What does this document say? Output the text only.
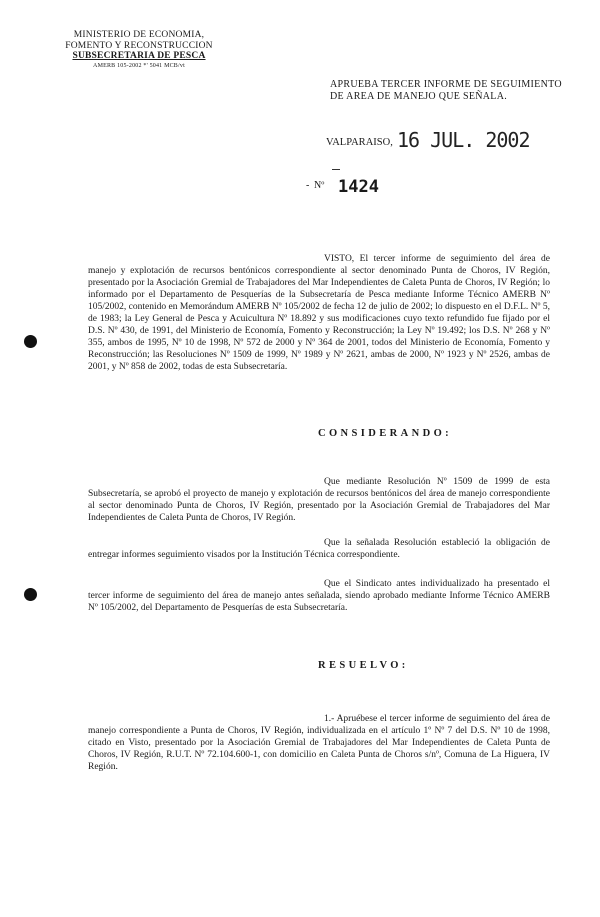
MINISTERIO DE ECONOMIA,
FOMENTO Y RECONSTRUCCION
SUBSECRETARIA DE PESCA
AMERB 105-2002 *' 5041 MCB/vt
APRUEBA TERCER INFORME DE SEGUIMIENTO
DE AREA DE MANEJO QUE SEÑALA.
VALPARAISO, 16 JUL. 2002
- Nº 1424
VISTO, El tercer informe de seguimiento del área de manejo y explotación de recursos bentónicos correspondiente al sector denominado Punta de Choros, IV Región, presentado por la Asociación Gremial de Trabajadores del Mar Independientes de Caleta Punta de Choros, IV Región; lo informado por el Departamento de Pesquerías de la Subsecretaría de Pesca mediante Informe Técnico AMERB Nº 105/2002, contenido en Memorándum AMERB Nº 105/2002 de fecha 12 de julio de 2002; lo dispuesto en el D.F.L. Nº 5, de 1983; la Ley General de Pesca y Acuicultura Nº 18.892 y sus modificaciones cuyo texto refundido fue fijado por el D.S. Nº 430, de 1991, del Ministerio de Economía, Fomento y Reconstrucción; la Ley Nº 19.492; los D.S. Nº 268 y Nº 355, ambos de 1995, Nº 10 de 1998, Nº 572 de 2000 y Nº 364 de 2001, todos del Ministerio de Economía, Fomento y Reconstrucción; las Resoluciones Nº 1509 de 1999, Nº 1989 y Nº 2621, ambas de 2000, Nº 1923 y Nº 2526, ambas de 2001, y Nº 858 de 2002, todas de esta Subsecretaría.
CONSIDERANDO:
Que mediante Resolución Nº 1509 de 1999 de esta Subsecretaría, se aprobó el proyecto de manejo y explotación de recursos bentónicos del área de manejo correspondiente al sector denominado Punta de Choros, IV Región, presentado por la Asociación Gremial de Trabajadores del Mar Independientes de Caleta Punta de Choros, IV Región.
Que la señalada Resolución estableció la obligación de entregar informes seguimiento visados por la Institución Técnica correspondiente.
Que el Sindicato antes individualizado ha presentado el tercer informe de seguimiento del área de manejo antes señalada, siendo aprobado mediante Informe Técnico AMERB Nº 105/2002, del Departamento de Pesquerías de esta Subsecretaría.
RESUELVO:
1.- Apruébese el tercer informe de seguimiento del área de manejo correspondiente a Punta de Choros, IV Región, individualizada en el artículo 1º Nº 7 del D.S. Nº 10 de 1998, citado en Visto, presentado por la Asociación Gremial de Trabajadores del Mar Independientes de Caleta Punta de Choros, IV Región, R.U.T. Nº 72.104.600-1, con domicilio en Caleta Punta de Choros s/nº, Comuna de La Higuera, IV Región.
